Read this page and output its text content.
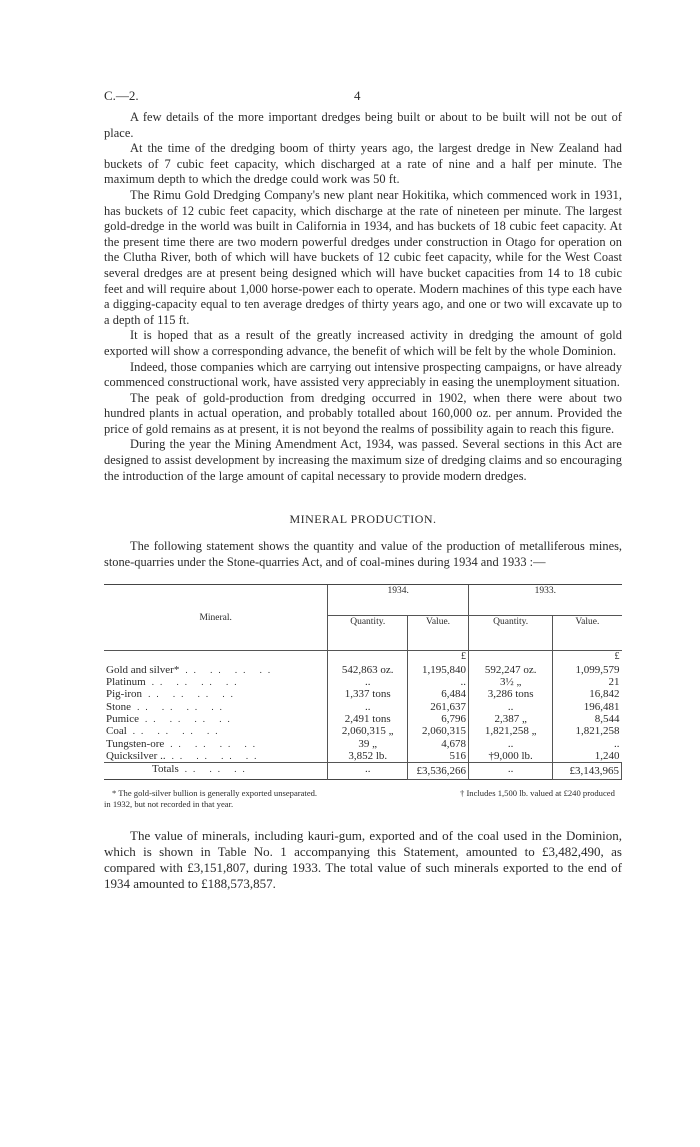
C.—2.	4

A few details of the more important dredges being built or about to be built will not be out of place.

At the time of the dredging boom of thirty years ago, the largest dredge in New Zealand had buckets of 7 cubic feet capacity, which discharged at a rate of nine and a half per minute. The maximum depth to which the dredge could work was 50 ft.

The Rimu Gold Dredging Company's new plant near Hokitika, which commenced work in 1931, has buckets of 12 cubic feet capacity, which discharge at the rate of nineteen per minute. The largest gold-dredge in the world was built in California in 1934, and has buckets of 18 cubic feet capacity. At the present time there are two modern powerful dredges under construction in Otago for operation on the Clutha River, both of which will have buckets of 12 cubic feet capacity, while for the West Coast several dredges are at present being designed which will have bucket capacities from 14 to 18 cubic feet and will require about 1,000 horse-power each to operate. Modern machines of this type each have a digging-capacity equal to ten average dredges of thirty years ago, and one or two will excavate up to a depth of 115 ft.

It is hoped that as a result of the greatly increased activity in dredging the amount of gold exported will show a corresponding advance, the benefit of which will be felt by the whole Dominion.

Indeed, those companies which are carrying out intensive prospecting campaigns, or have already commenced constructional work, have assisted very appreciably in easing the unemployment situation.

The peak of gold-production from dredging occurred in 1902, when there were about two hundred plants in actual operation, and probably totalled about 160,000 oz. per annum. Provided the price of gold remains as at present, it is not beyond the realms of possibility again to reach this figure.

During the year the Mining Amendment Act, 1934, was passed. Several sections in this Act are designed to assist development by increasing the maximum size of dredging claims and so encouraging the introduction of the large amount of capital necessary to provide modern dredges.

MINERAL PRODUCTION.

The following statement shows the quantity and value of the production of metalliferous mines, stone-quarries under the Stone-quarries Act, and of coal-mines during 1934 and 1933 :—

Mineral.	1934.		1933.	
	Quantity.	Value.	Quantity.	Value.
		£		£
Gold and silver* .. .. .. ..	542,863 oz.	1,195,840	592,247 oz.	1,099,579
Platinum .. .. .. ..	..	..	3½ „	21
Pig-iron .. .. .. ..	1,337 tons	6,484	3,286 tons	16,842
Stone .. .. .. ..	..	261,637	..	196,481
Pumice .. .. .. ..	2,491 tons	6,796	2,387 „	8,544
Coal .. .. .. ..	2,060,315 „	2,060,315	1,821,258 „	1,821,258
Tungsten-ore .. .. .. ..	39 „	4,678	..	..
Quicksilver .. .. .. .. ..	3,852 lb.	516	†9,000 lb.	1,240
Totals .. .. ..	..	£3,536,266	..	£3,143,965

* The gold-silver bullion is generally exported unseparated.	† Includes 1,500 lb. valued at £240 produced
in 1932, but not recorded in that year.

The value of minerals, including kauri-gum, exported and of the coal used in the Dominion, which is shown in Table No. 1 accompanying this Statement, amounted to £3,482,490, as compared with £3,151,807, during 1933. The total value of such minerals exported to the end of 1934 amounted to £188,573,857.
